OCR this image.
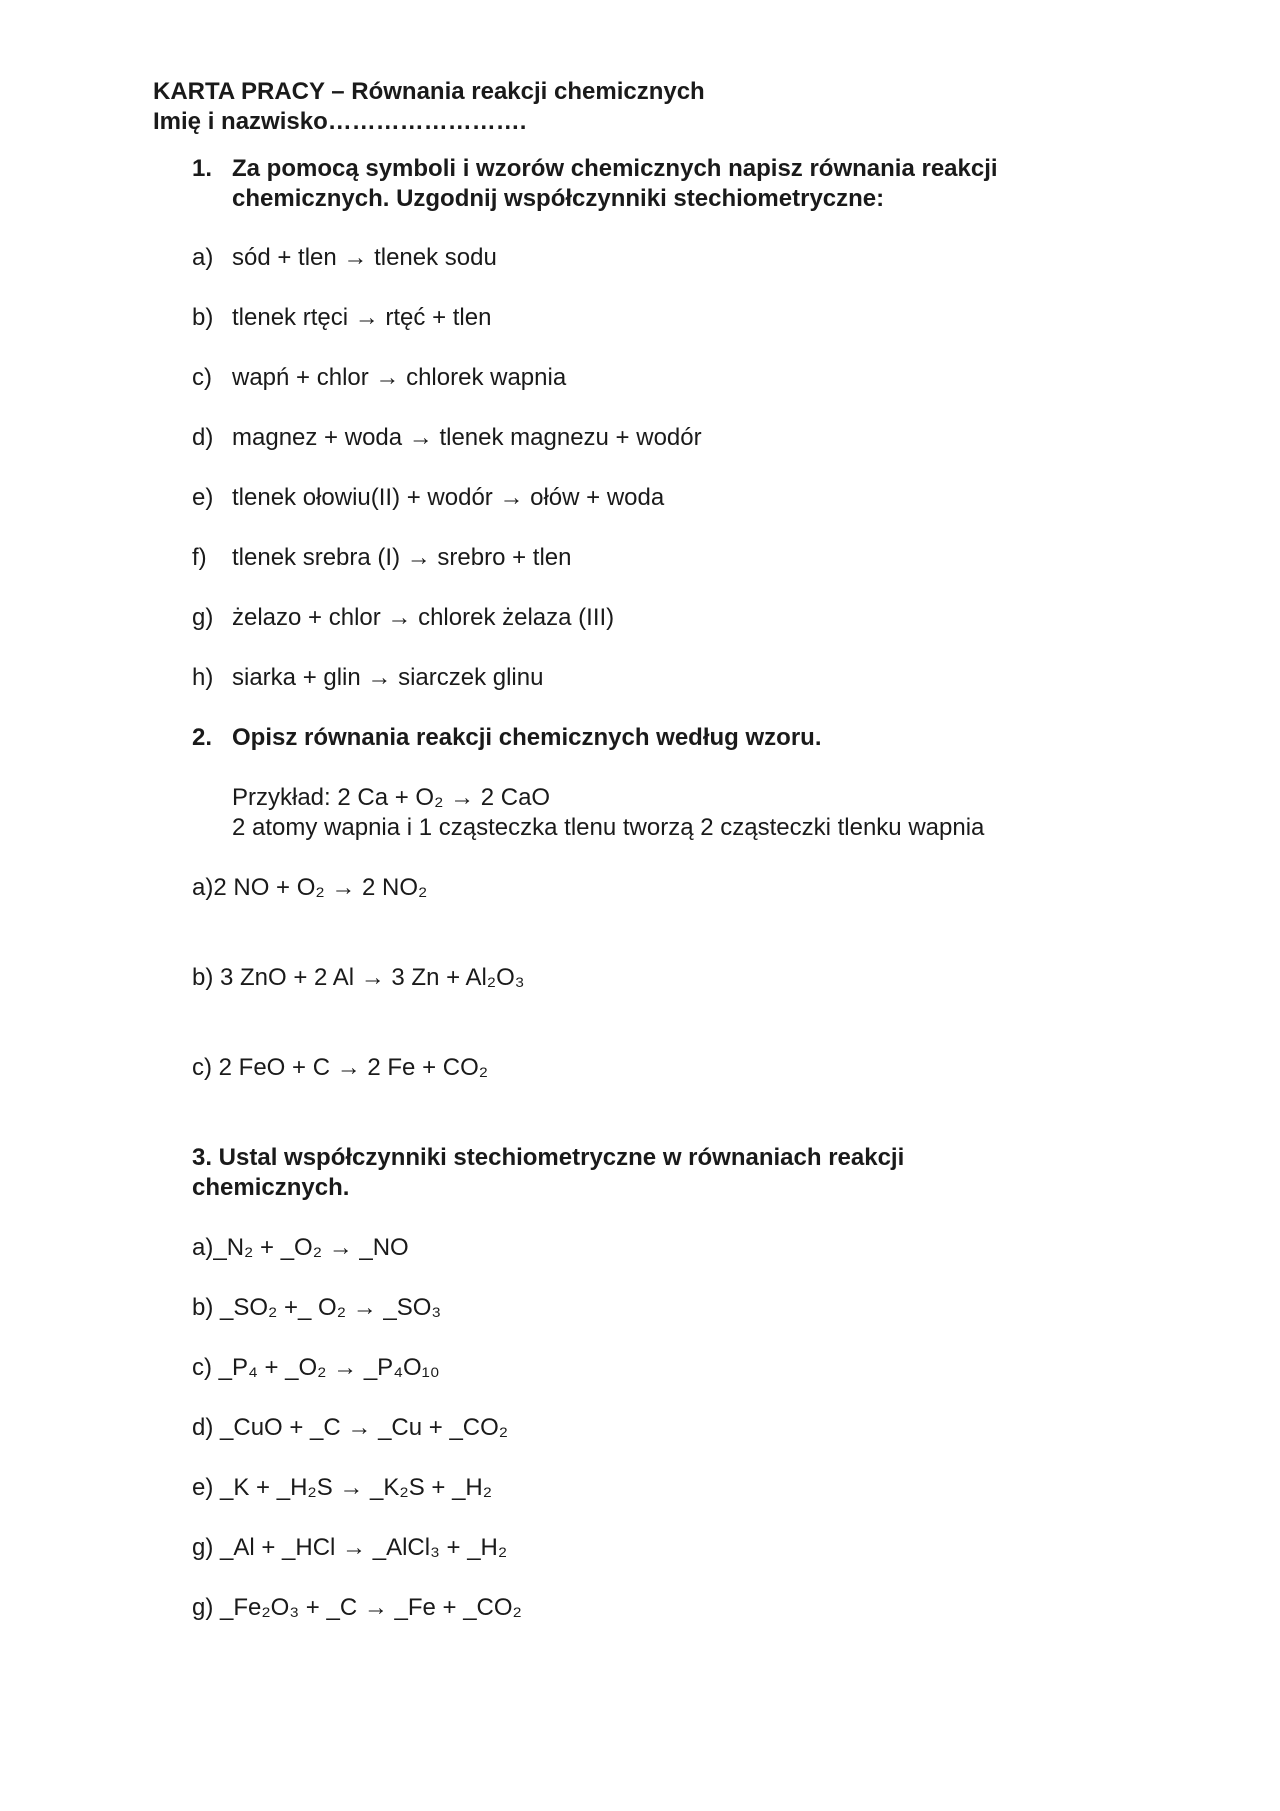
KARTA PRACY – Równania reakcji chemicznych
Imię i nazwisko…………………….
1. Za pomocą symboli i wzorów chemicznych napisz równania reakcji
chemicznych. Uzgodnij współczynniki stechiometryczne:
a) sód + tlen → tlenek sodu
b) tlenek rtęci → rtęć + tlen
c) wapń + chlor → chlorek wapnia
d) magnez + woda → tlenek magnezu + wodór
e) tlenek ołowiu(II) + wodór → ołów + woda
f) tlenek srebra (I) → srebro + tlen
g) żelazo + chlor → chlorek żelaza (III)
h) siarka + glin → siarczek glinu
2. Opisz równania reakcji chemicznych według wzoru.
Przykład: 2 Ca + O₂ → 2 CaO
2 atomy wapnia i 1 cząsteczka tlenu tworzą 2 cząsteczki tlenku wapnia
a)2 NO + O₂ → 2 NO₂
b) 3 ZnO + 2 Al → 3 Zn + Al₂O₃
c) 2 FeO + C → 2 Fe + CO₂
3. Ustal współczynniki stechiometryczne w równaniach reakcji
chemicznych.
a)_N₂ + _O₂ → _NO
b) _SO₂ +_ O₂ → _SO₃
c) _P₄ + _O₂ → _P₄O₁₀
d) _CuO + _C → _Cu + _CO₂
e) _K + _H₂S → _K₂S + _H₂
g) _Al + _HCl → _AlCl₃ + _H₂
g) _Fe₂O₃ + _C → _Fe + _CO₂
